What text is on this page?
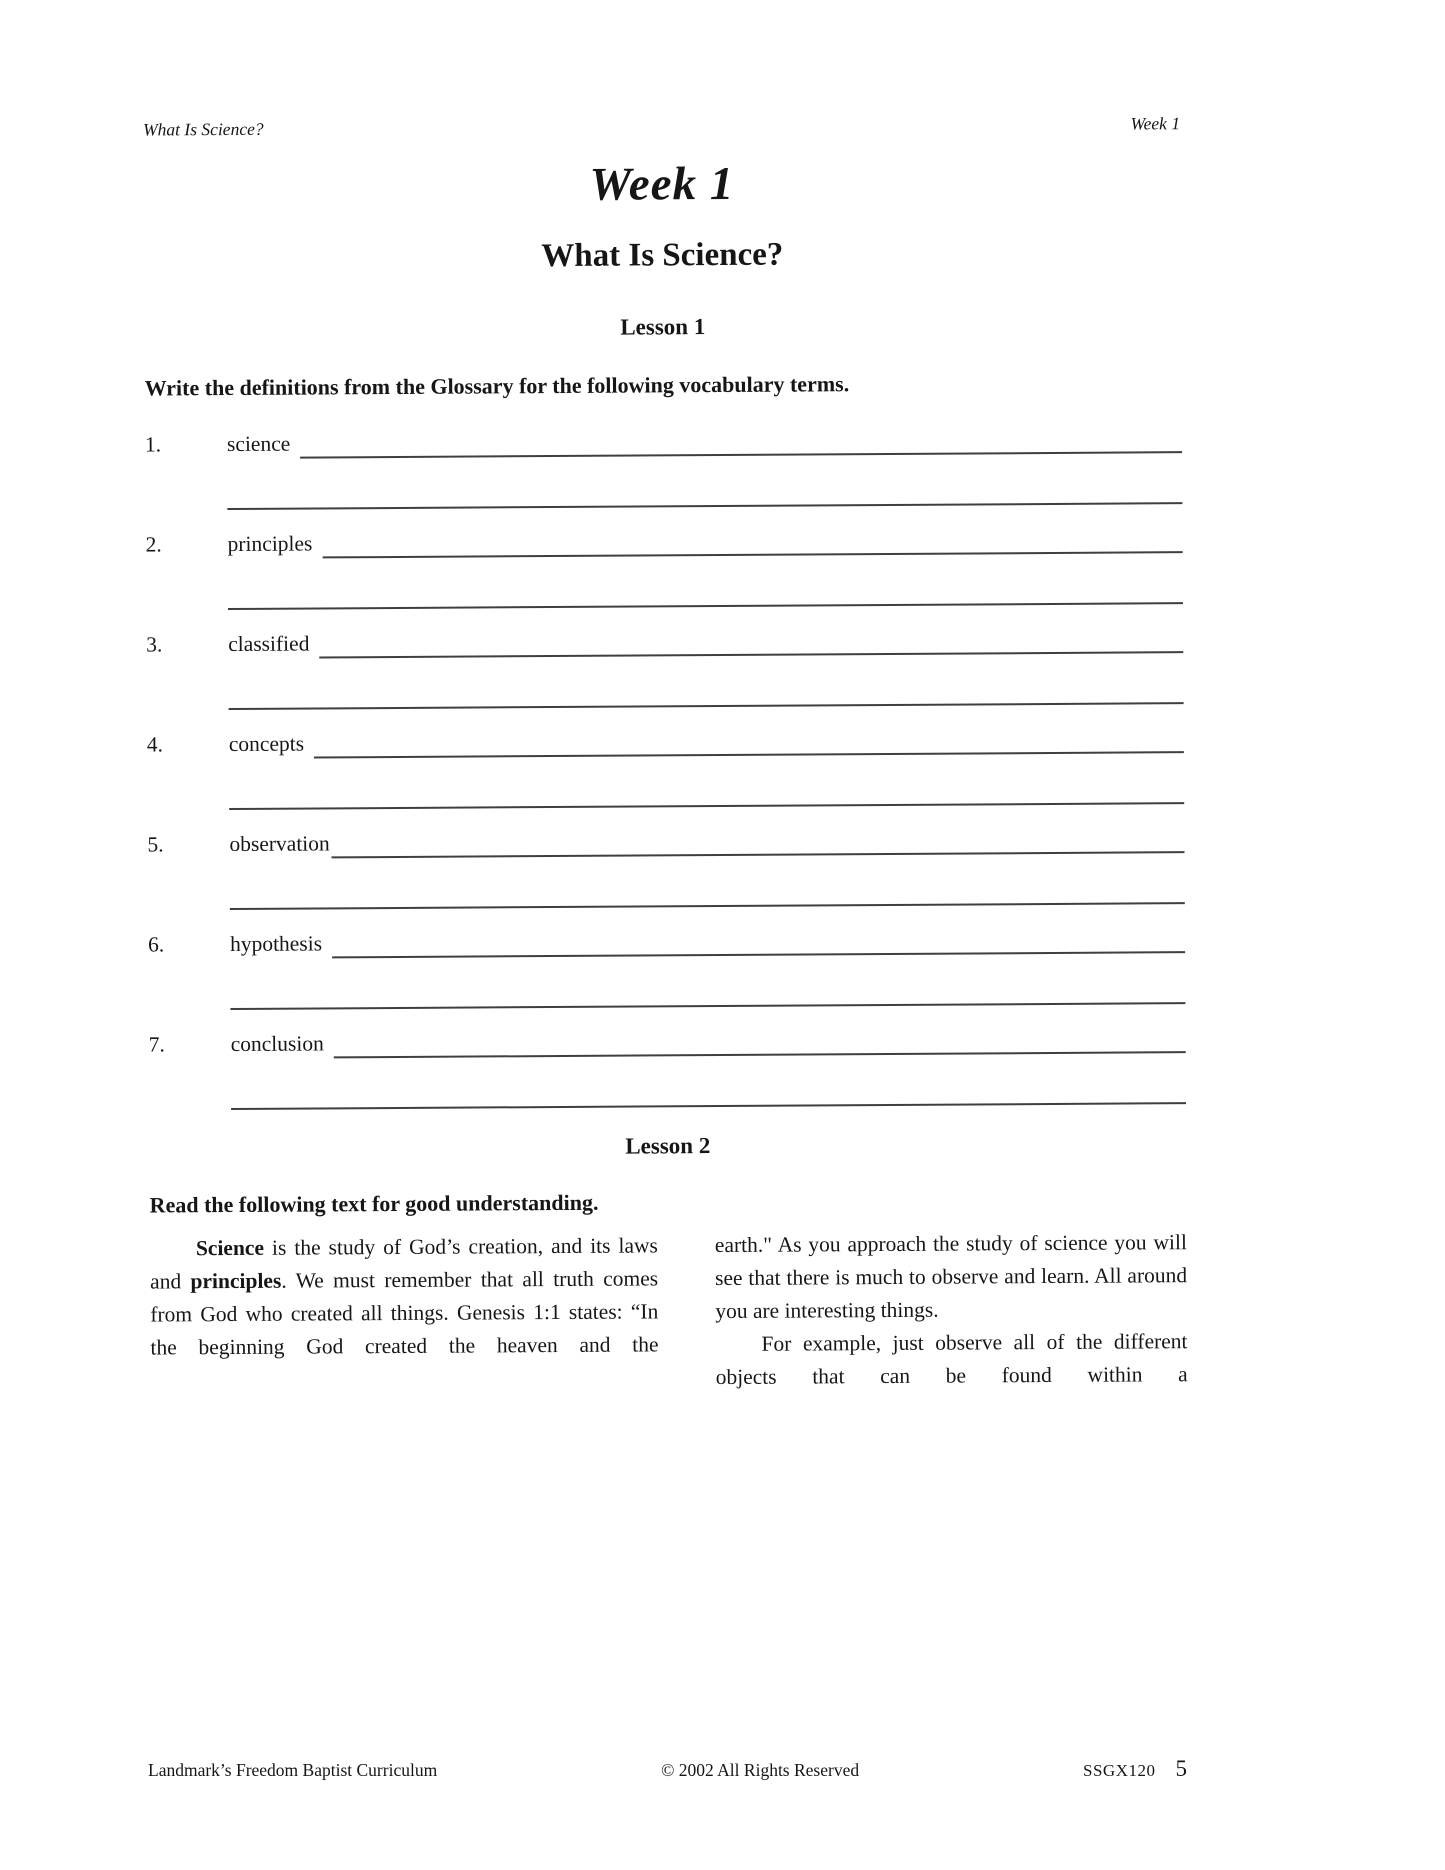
What Is Science?	Week 1
Week 1
What Is Science?
Lesson 1
Write the definitions from the Glossary for the following vocabulary terms.
1.	science
2.	principles
3.	classified
4.	concepts
5.	observation
6.	hypothesis
7.	conclusion
Lesson 2
Read the following text for good understanding.

Science is the study of God’s creation, and its laws and principles. We must remember that all truth comes from God who created all things. Genesis 1:1 states: “In the beginning God created the heaven and the

earth." As you approach the study of science you will see that there is much to observe and learn. All around you are interesting things.

For example, just observe all of the different objects that can be found within a

Landmark’s Freedom Baptist Curriculum	© 2002 All Rights Reserved	SSGX120 5
